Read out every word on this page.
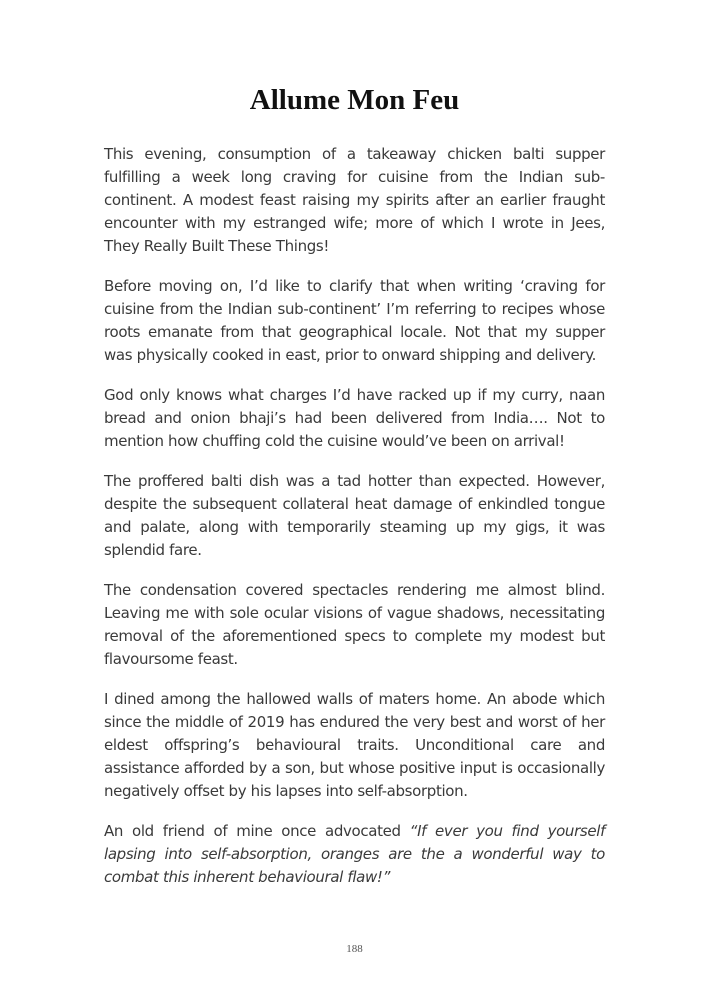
Allume Mon Feu

This evening, consumption of a takeaway chicken balti supper fulfilling a week long craving for cuisine from the Indian sub-continent. A modest feast raising my spirits after an earlier fraught encounter with my estranged wife; more of which I wrote in Jees, They Really Built These Things!

Before moving on, I’d like to clarify that when writing ‘craving for cuisine from the Indian sub-continent’ I’m referring to recipes whose roots emanate from that geographical locale. Not that my supper was physically cooked in east, prior to onward shipping and delivery.

God only knows what charges I’d have racked up if my curry, naan bread and onion bhaji’s had been delivered from India…. Not to mention how chuffing cold the cuisine would’ve been on arrival!

The proffered balti dish was a tad hotter than expected. However, despite the subsequent collateral heat damage of enkindled tongue and palate, along with temporarily steaming up my gigs, it was splendid fare.

The condensation covered spectacles rendering me almost blind. Leaving me with sole ocular visions of vague shadows, necessitating removal of the aforementioned specs to complete my modest but flavoursome feast.

I dined among the hallowed walls of maters home. An abode which since the middle of 2019 has endured the very best and worst of her eldest offspring’s behavioural traits. Unconditional care and assistance afforded by a son, but whose positive input is occasionally negatively offset by his lapses into self-absorption.

An old friend of mine once advocated “If ever you find yourself lapsing into self-absorption, oranges are the a wonderful way to combat this inherent behavioural flaw!”

188
